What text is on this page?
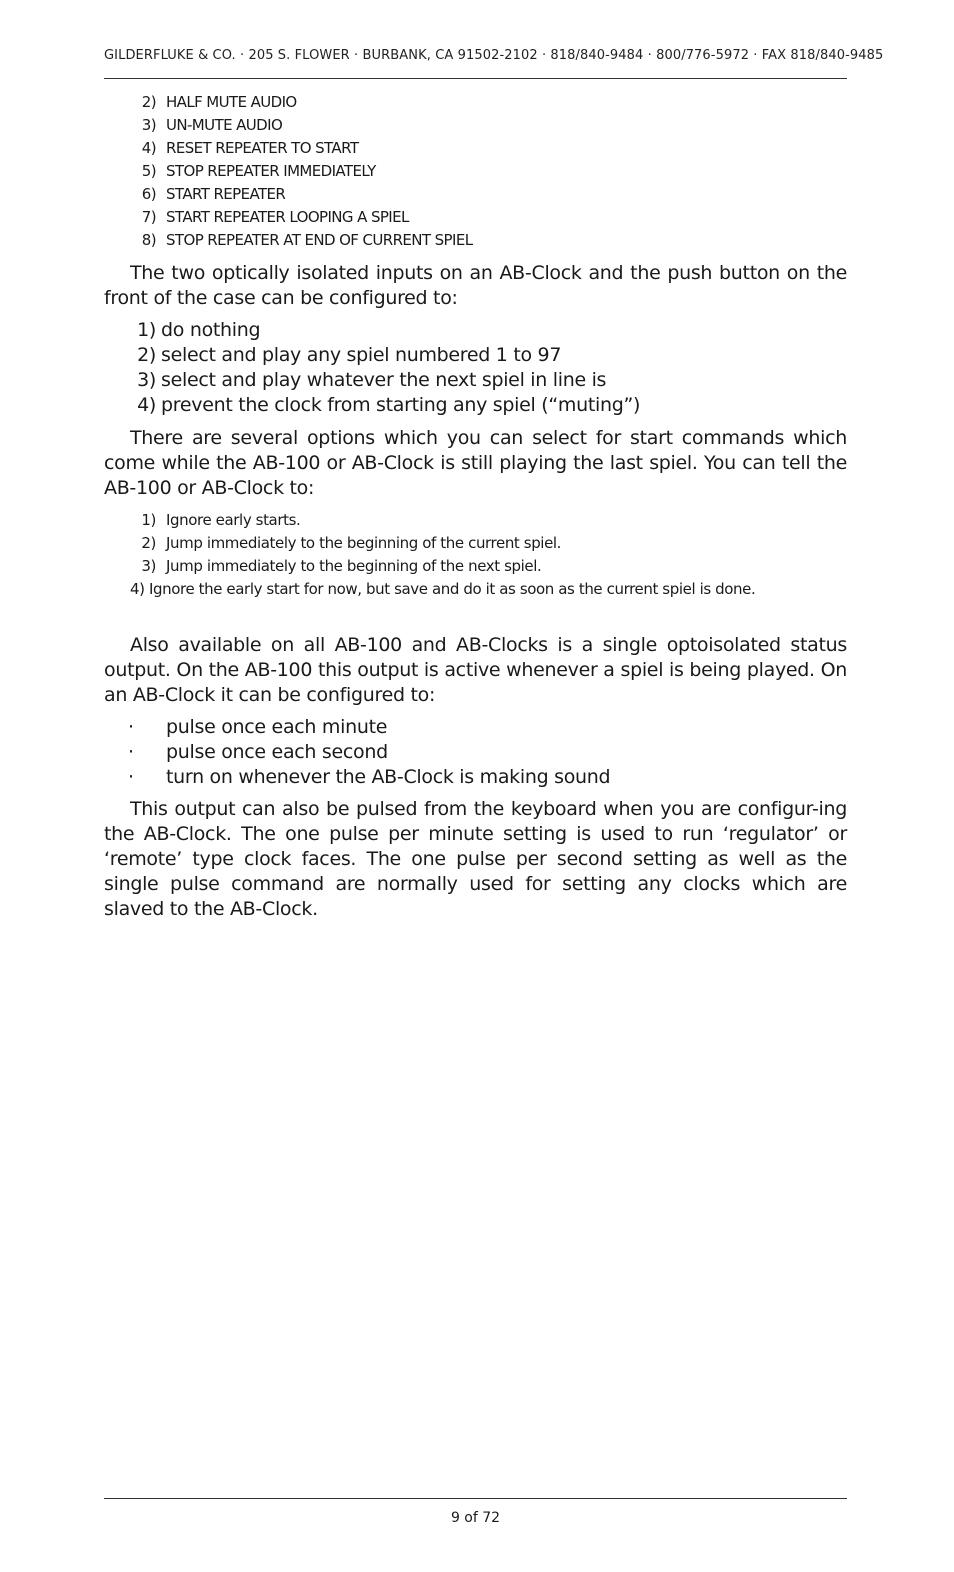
GILDERFLUKE & CO. · 205 S. FLOWER · BURBANK, CA 91502-2102 · 818/840-9484 · 800/776-5972 · FAX 818/840-9485
2) HALF MUTE AUDIO
3) UN-MUTE AUDIO
4) RESET REPEATER TO START
5) STOP REPEATER IMMEDIATELY
6) START REPEATER
7) START REPEATER LOOPING A SPIEL
8) STOP REPEATER AT END OF CURRENT SPIEL

The two optically isolated inputs on an AB-Clock and the push button on the front of the case can be configured to:

1) do nothing
2) select and play any spiel numbered 1 to 97
3) select and play whatever the next spiel in line is
4) prevent the clock from starting any spiel (“muting”)

There are several options which you can select for start commands which come while the AB-100 or AB-Clock is still playing the last spiel. You can tell the AB-100 or AB-Clock to:

1) Ignore early starts.
2) Jump immediately to the beginning of the current spiel.
3) Jump immediately to the beginning of the next spiel.
4) Ignore the early start for now, but save and do it as soon as the current spiel is done.

Also available on all AB-100 and AB-Clocks is a single optoisolated status output. On the AB-100 this output is active whenever a spiel is being played. On an AB-Clock it can be configured to:

· pulse once each minute
· pulse once each second
· turn on whenever the AB-Clock is making sound

This output can also be pulsed from the keyboard when you are configur-ing the AB-Clock. The one pulse per minute setting is used to run ‘regulator’ or ‘remote’ type clock faces. The one pulse per second setting as well as the single pulse command are normally used for setting any clocks which are slaved to the AB-Clock.

9 of 72
